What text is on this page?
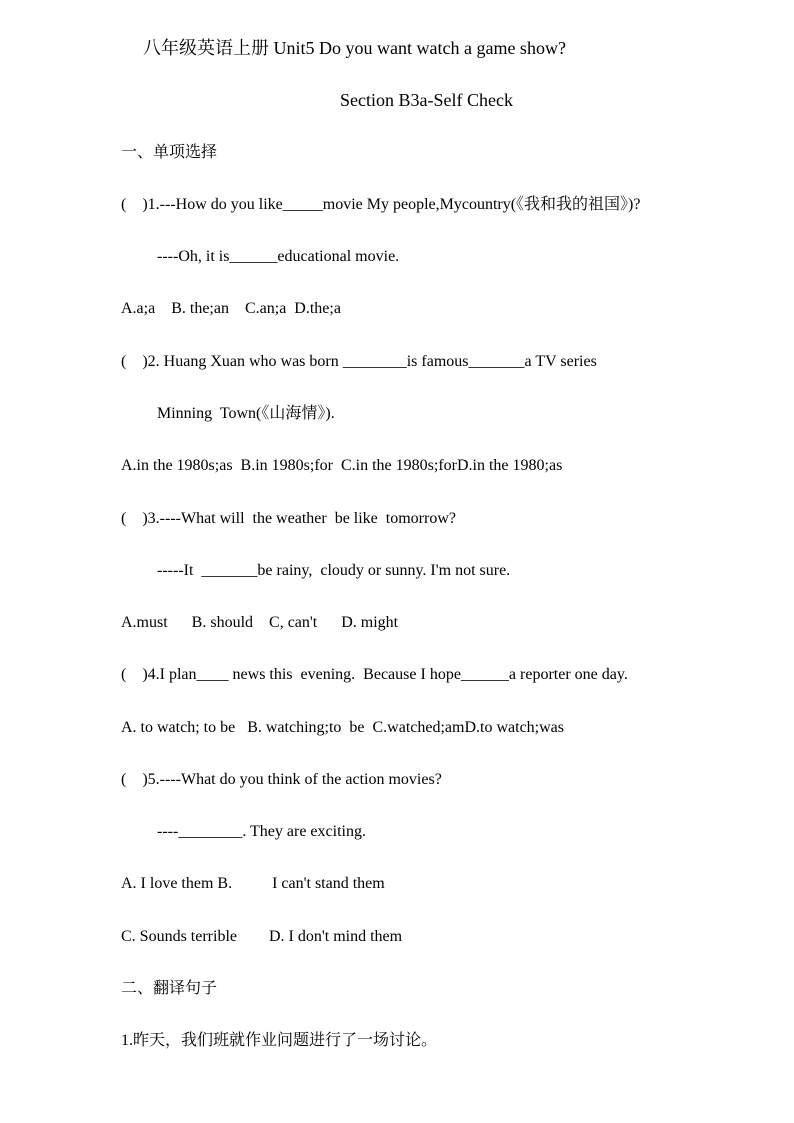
八年级英语上册 Unit5 Do you want watch a game show?
Section B3a-Self Check
一、单项选择
(    )1.---How do you like_____movie My people,Mycountry(《我和我的祖国》)?
----Oh, it is______educational movie.
A.a;a    B. the;an    C.an;a  D.the;a
(    )2. Huang Xuan who was born ________is famous_______a TV series
Minning  Town(《山海情》).
A.in the 1980s;as  B.in 1980s;for  C.in the 1980s;forD.in the 1980;as
(    )3.----What will  the weather  be like  tomorrow?
-----It  _______be rainy,  cloudy or sunny. I'm not sure.
A.must      B. should    C, can't      D. might
(    )4.I plan____ news this  evening.  Because I hope______a reporter one day.
A. to watch; to be   B. watching;to  be  C.watched;amD.to watch;was
(    )5.----What do you think of the action movies?
----________. They are exciting.
A. I love them B.          I can't stand them
C. Sounds terrible        D. I don't mind them
二、翻译句子
1.昨天，我们班就作业问题进行了一场讨论。
